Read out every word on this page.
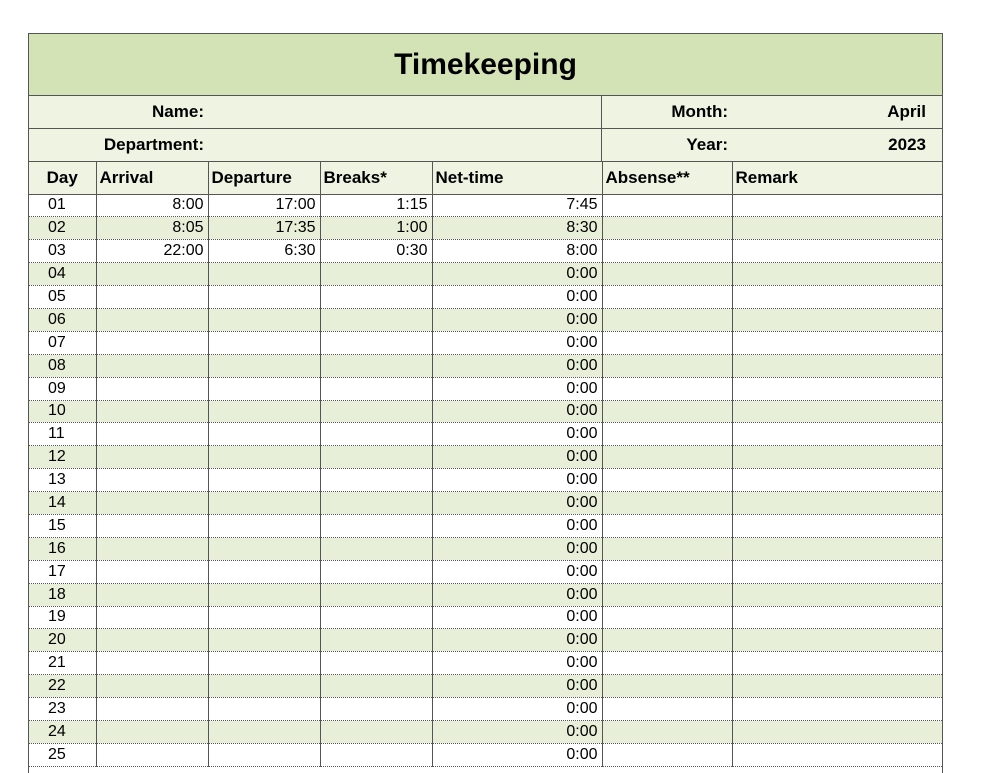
Timekeeping
Name:	Month:	April
Department:	Year:	2023
Day	Arrival	Departure	Breaks*	Net-time	Absense**	Remark
01	8:00	17:00	1:15	7:45		
02	8:05	17:35	1:00	8:30		
03	22:00	6:30	0:30	8:00		
04				0:00		
05				0:00		
06				0:00		
07				0:00		
08				0:00		
09				0:00		
10				0:00		
11				0:00		
12				0:00		
13				0:00		
14				0:00		
15				0:00		
16				0:00		
17				0:00		
18				0:00		
19				0:00		
20				0:00		
21				0:00		
22				0:00		
23				0:00		
24				0:00		
25				0:00		
